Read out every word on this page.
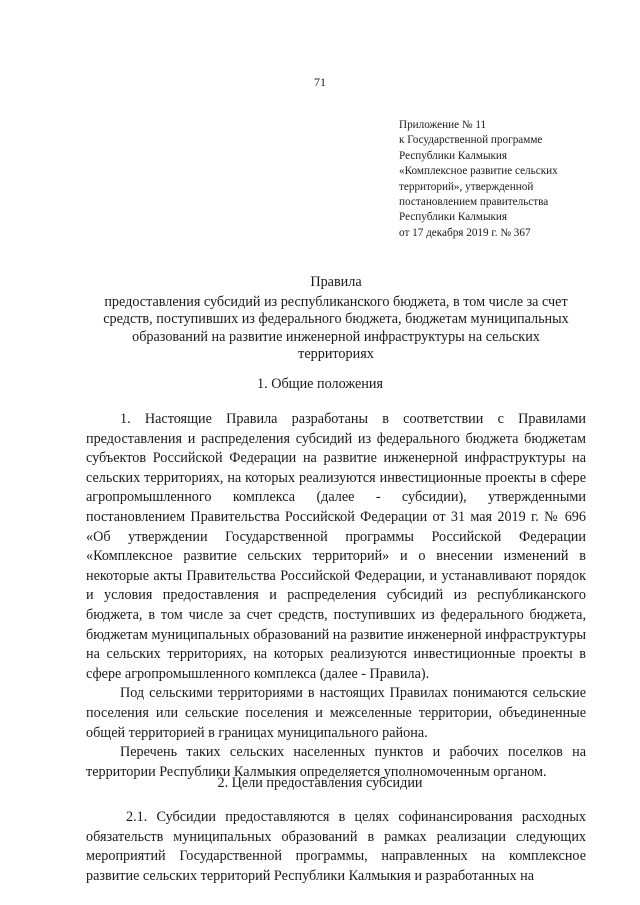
71
Приложение № 11
к Государственной программе
Республики Калмыкия
«Комплексное развитие сельских
территорий», утвержденной
постановлением правительства
Республики Калмыкия
от 17 декабря 2019 г. № 367
Правила
предоставления субсидий из республиканского бюджета, в том числе за счет
средств, поступивших из федерального бюджета, бюджетам муниципальных
образований на развитие инженерной инфраструктуры на сельских
территориях
1. Общие положения

1. Настоящие Правила разработаны в соответствии с Правилами предоставления и распределения субсидий из федерального бюджета бюджетам субъектов Российской Федерации на развитие инженерной инфраструктуры на сельских территориях, на которых реализуются инвестиционные проекты в сфере агропромышленного комплекса (далее - субсидии), утвержденными постановлением Правительства Российской Федерации от 31 мая 2019 г. № 696 «Об утверждении Государственной программы Российской Федерации «Комплексное развитие сельских территорий» и о внесении изменений в некоторые акты Правительства Российской Федерации, и устанавливают порядок и условия предоставления и распределения субсидий из республиканского бюджета, в том числе за счет средств, поступивших из федерального бюджета, бюджетам муниципальных образований на развитие инженерной инфраструктуры на сельских территориях, на которых реализуются инвестиционные проекты в сфере агропромышленного комплекса (далее - Правила).

Под сельскими территориями в настоящих Правилах понимаются сельские поселения или сельские поселения и межселенные территории, объединенные общей территорией в границах муниципального района.

Перечень таких сельских населенных пунктов и рабочих поселков на территории Республики Калмыкия определяется уполномоченным органом.

2. Цели предоставления субсидии

2.1. Субсидии предоставляются в целях софинансирования расходных обязательств муниципальных образований в рамках реализации следующих мероприятий Государственной программы, направленных на комплексное развитие сельских территорий Республики Калмыкия и разработанных на
